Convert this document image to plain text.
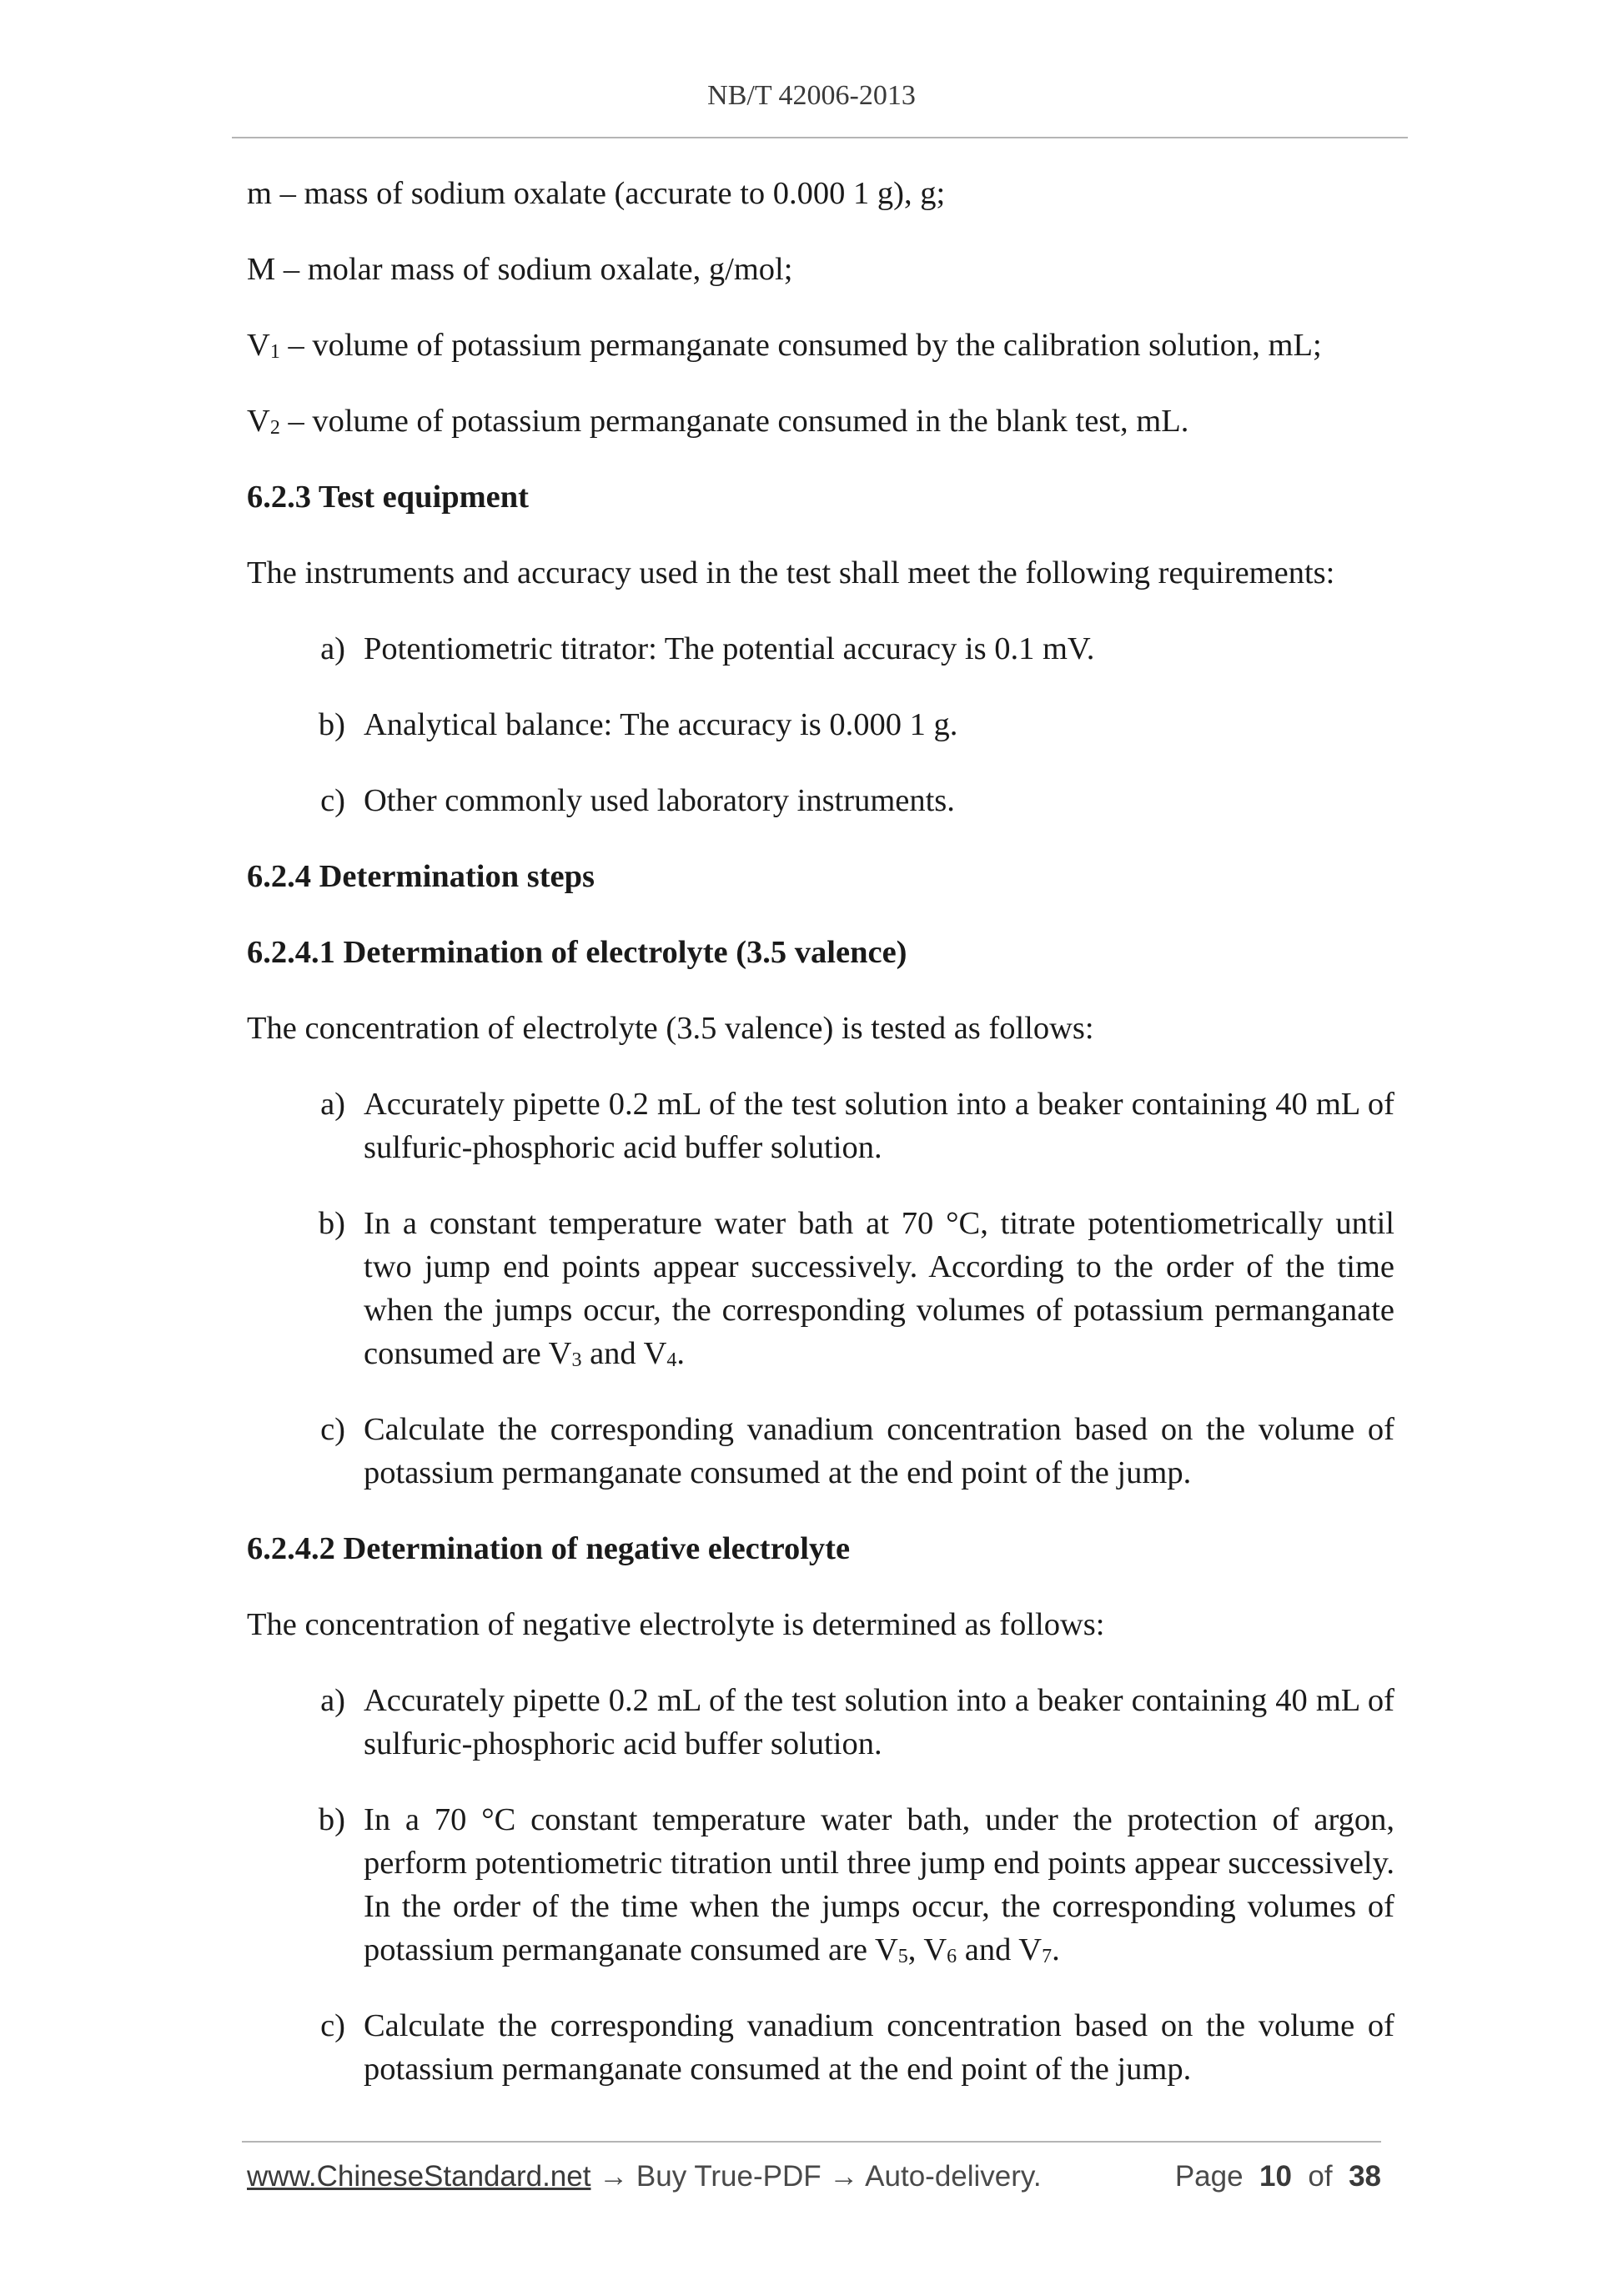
NB/T 42006-2013

m – mass of sodium oxalate (accurate to 0.000 1 g), g;

M – molar mass of sodium oxalate, g/mol;

$V_1$ – volume of potassium permanganate consumed by the calibration solution, mL;

$V_2$ – volume of potassium permanganate consumed in the blank test, mL.

6.2.3 Test equipment

The instruments and accuracy used in the test shall meet the following requirements:

a) Potentiometric titrator: The potential accuracy is 0.1 mV.
b) Analytical balance: The accuracy is 0.000 1 g.
c) Other commonly used laboratory instruments.

6.2.4 Determination steps

6.2.4.1 Determination of electrolyte (3.5 valence)

The concentration of electrolyte (3.5 valence) is tested as follows:

a) Accurately pipette 0.2 mL of the test solution into a beaker containing 40 mL of sulfuric-phosphoric acid buffer solution.
b) In a constant temperature water bath at 70 °C, titrate potentiometrically until two jump end points appear successively. According to the order of the time when the jumps occur, the corresponding volumes of potassium permanganate consumed are $V_3$ and $V_4$.
c) Calculate the corresponding vanadium concentration based on the volume of potassium permanganate consumed at the end point of the jump.

6.2.4.2 Determination of negative electrolyte

The concentration of negative electrolyte is determined as follows:

a) Accurately pipette 0.2 mL of the test solution into a beaker containing 40 mL of sulfuric-phosphoric acid buffer solution.
b) In a 70 °C constant temperature water bath, under the protection of argon, perform potentiometric titration until three jump end points appear successively. In the order of the time when the jumps occur, the corresponding volumes of potassium permanganate consumed are $V_5$, $V_6$ and $V_7$.
c) Calculate the corresponding vanadium concentration based on the volume of potassium permanganate consumed at the end point of the jump.
www.ChineseStandard.net → Buy True-PDF → Auto-delivery.	Page 10 of 38
